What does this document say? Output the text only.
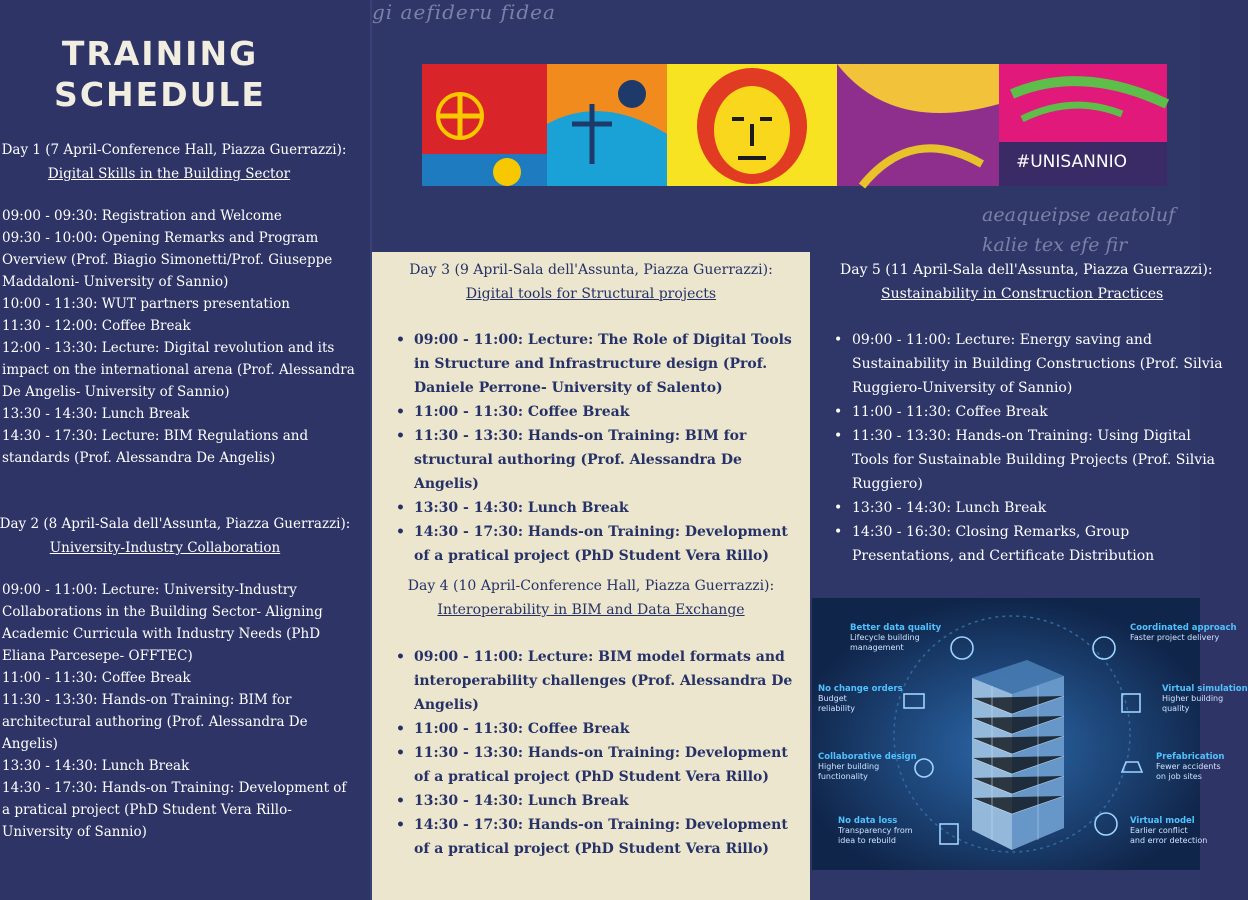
TRAINING
SCHEDULE
Day 1 (7 April-Conference Hall, Piazza Guerrazzi):
Digital Skills in the Building Sector
09:00 - 09:30: Registration and Welcome
09:30 - 10:00: Opening Remarks and Program
Overview (Prof. Biagio Simonetti/Prof. Giuseppe
Maddaloni- University of Sannio)
10:00 - 11:30: WUT partners presentation
11:30 - 12:00: Coffee Break
12:00 - 13:30: Lecture: Digital revolution and its
impact on the international arena (Prof. Alessandra
De Angelis- University of Sannio)
13:30 - 14:30: Lunch Break
14:30 - 17:30: Lecture: BIM Regulations and
standards (Prof. Alessandra De Angelis)
Day 2 (8 April-Sala dell'Assunta, Piazza Guerrazzi):
University-Industry Collaboration
09:00 - 11:00: Lecture: University-Industry
Collaborations in the Building Sector- Aligning
Academic Curricula with Industry Needs (PhD
Eliana Parcesepe- OFFTEC)
11:00 - 11:30: Coffee Break
11:30 - 13:30: Hands-on Training: BIM for
architectural authoring (Prof. Alessandra De
Angelis)
13:30 - 14:30: Lunch Break
14:30 - 17:30: Hands-on Training: Development of
a pratical project (PhD Student Vera Rillo-
University of Sannio)
gi aefideru fidea
aeaqueipse aeatoluf
kalie tex efe fir
#UNISANNIO
Day 3 (9 April-Sala dell'Assunta, Piazza Guerrazzi):
Digital tools for Structural projects
• 09:00 - 11:00: Lecture: The Role of Digital Tools in Structure and Infrastructure design (Prof. Daniele Perrone- University of Salento)
• 11:00 - 11:30: Coffee Break
• 11:30 - 13:30: Hands-on Training: BIM for structural authoring (Prof. Alessandra De Angelis)
• 13:30 - 14:30: Lunch Break
• 14:30 - 17:30: Hands-on Training: Development of a pratical project (PhD Student Vera Rillo)
Day 4 (10 April-Conference Hall, Piazza Guerrazzi):
Interoperability in BIM and Data Exchange
• 09:00 - 11:00: Lecture: BIM model formats and interoperability challenges (Prof. Alessandra De Angelis)
• 11:00 - 11:30: Coffee Break
• 11:30 - 13:30: Hands-on Training: Development of a pratical project (PhD Student Vera Rillo)
• 13:30 - 14:30: Lunch Break
• 14:30 - 17:30: Hands-on Training: Development of a pratical project (PhD Student Vera Rillo)
Day 5 (11 April-Sala dell'Assunta, Piazza Guerrazzi):
Sustainability in Construction Practices
• 09:00 - 11:00: Lecture: Energy saving and
Sustainability in Building Constructions (Prof. Silvia
Ruggiero-University of Sannio)
• 11:00 - 11:30: Coffee Break
• 11:30 - 13:30: Hands-on Training: Using Digital
Tools for Sustainable Building Projects (Prof. Silvia
Ruggiero)
• 13:30 - 14:30: Lunch Break
• 14:30 - 16:30: Closing Remarks, Group
Presentations, and Certificate Distribution
Better data quality
Lifecycle building
management
Coordinated approach
Faster project delivery
No change orders
Budget
reliability
Virtual simulation
Higher building
quality
Collaborative design
Higher building
functionality
Prefabrication
Fewer accidents
on job sites
No data loss
Transparency from
idea to rebuild
Virtual model
Earlier conflict
and error detection
